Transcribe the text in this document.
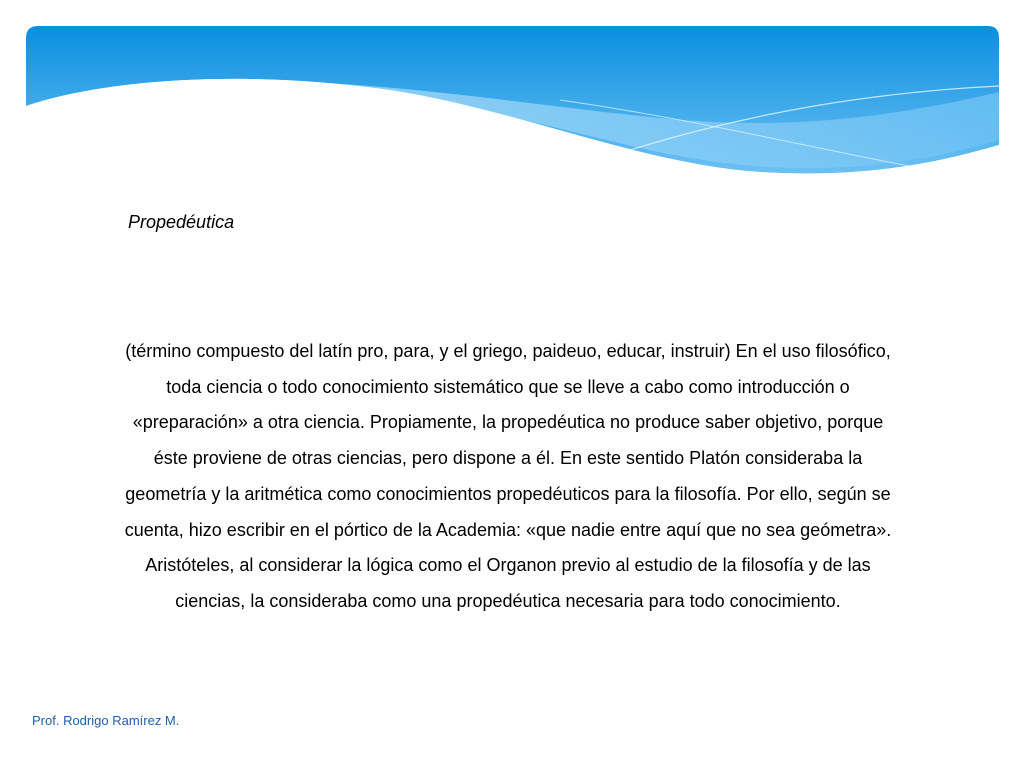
Propedéutica

(término compuesto del latín pro, para, y el griego, paideuo, educar, instruir) En el uso filosófico, toda ciencia o todo conocimiento sistemático que se lleve a cabo como introducción o «preparación» a otra ciencia. Propiamente, la propedéutica no produce saber objetivo, porque éste proviene de otras ciencias, pero dispone a él. En este sentido Platón consideraba la geometría y la aritmética como conocimientos propedéuticos para la filosofía. Por ello, según se cuenta, hizo escribir en el pórtico de la Academia: «que nadie entre aquí que no sea geómetra». Aristóteles, al considerar la lógica como el Organon previo al estudio de la filosofía y de las ciencias, la consideraba como una propedéutica necesaria para todo conocimiento.

Prof. Rodrigo Ramírez M.
